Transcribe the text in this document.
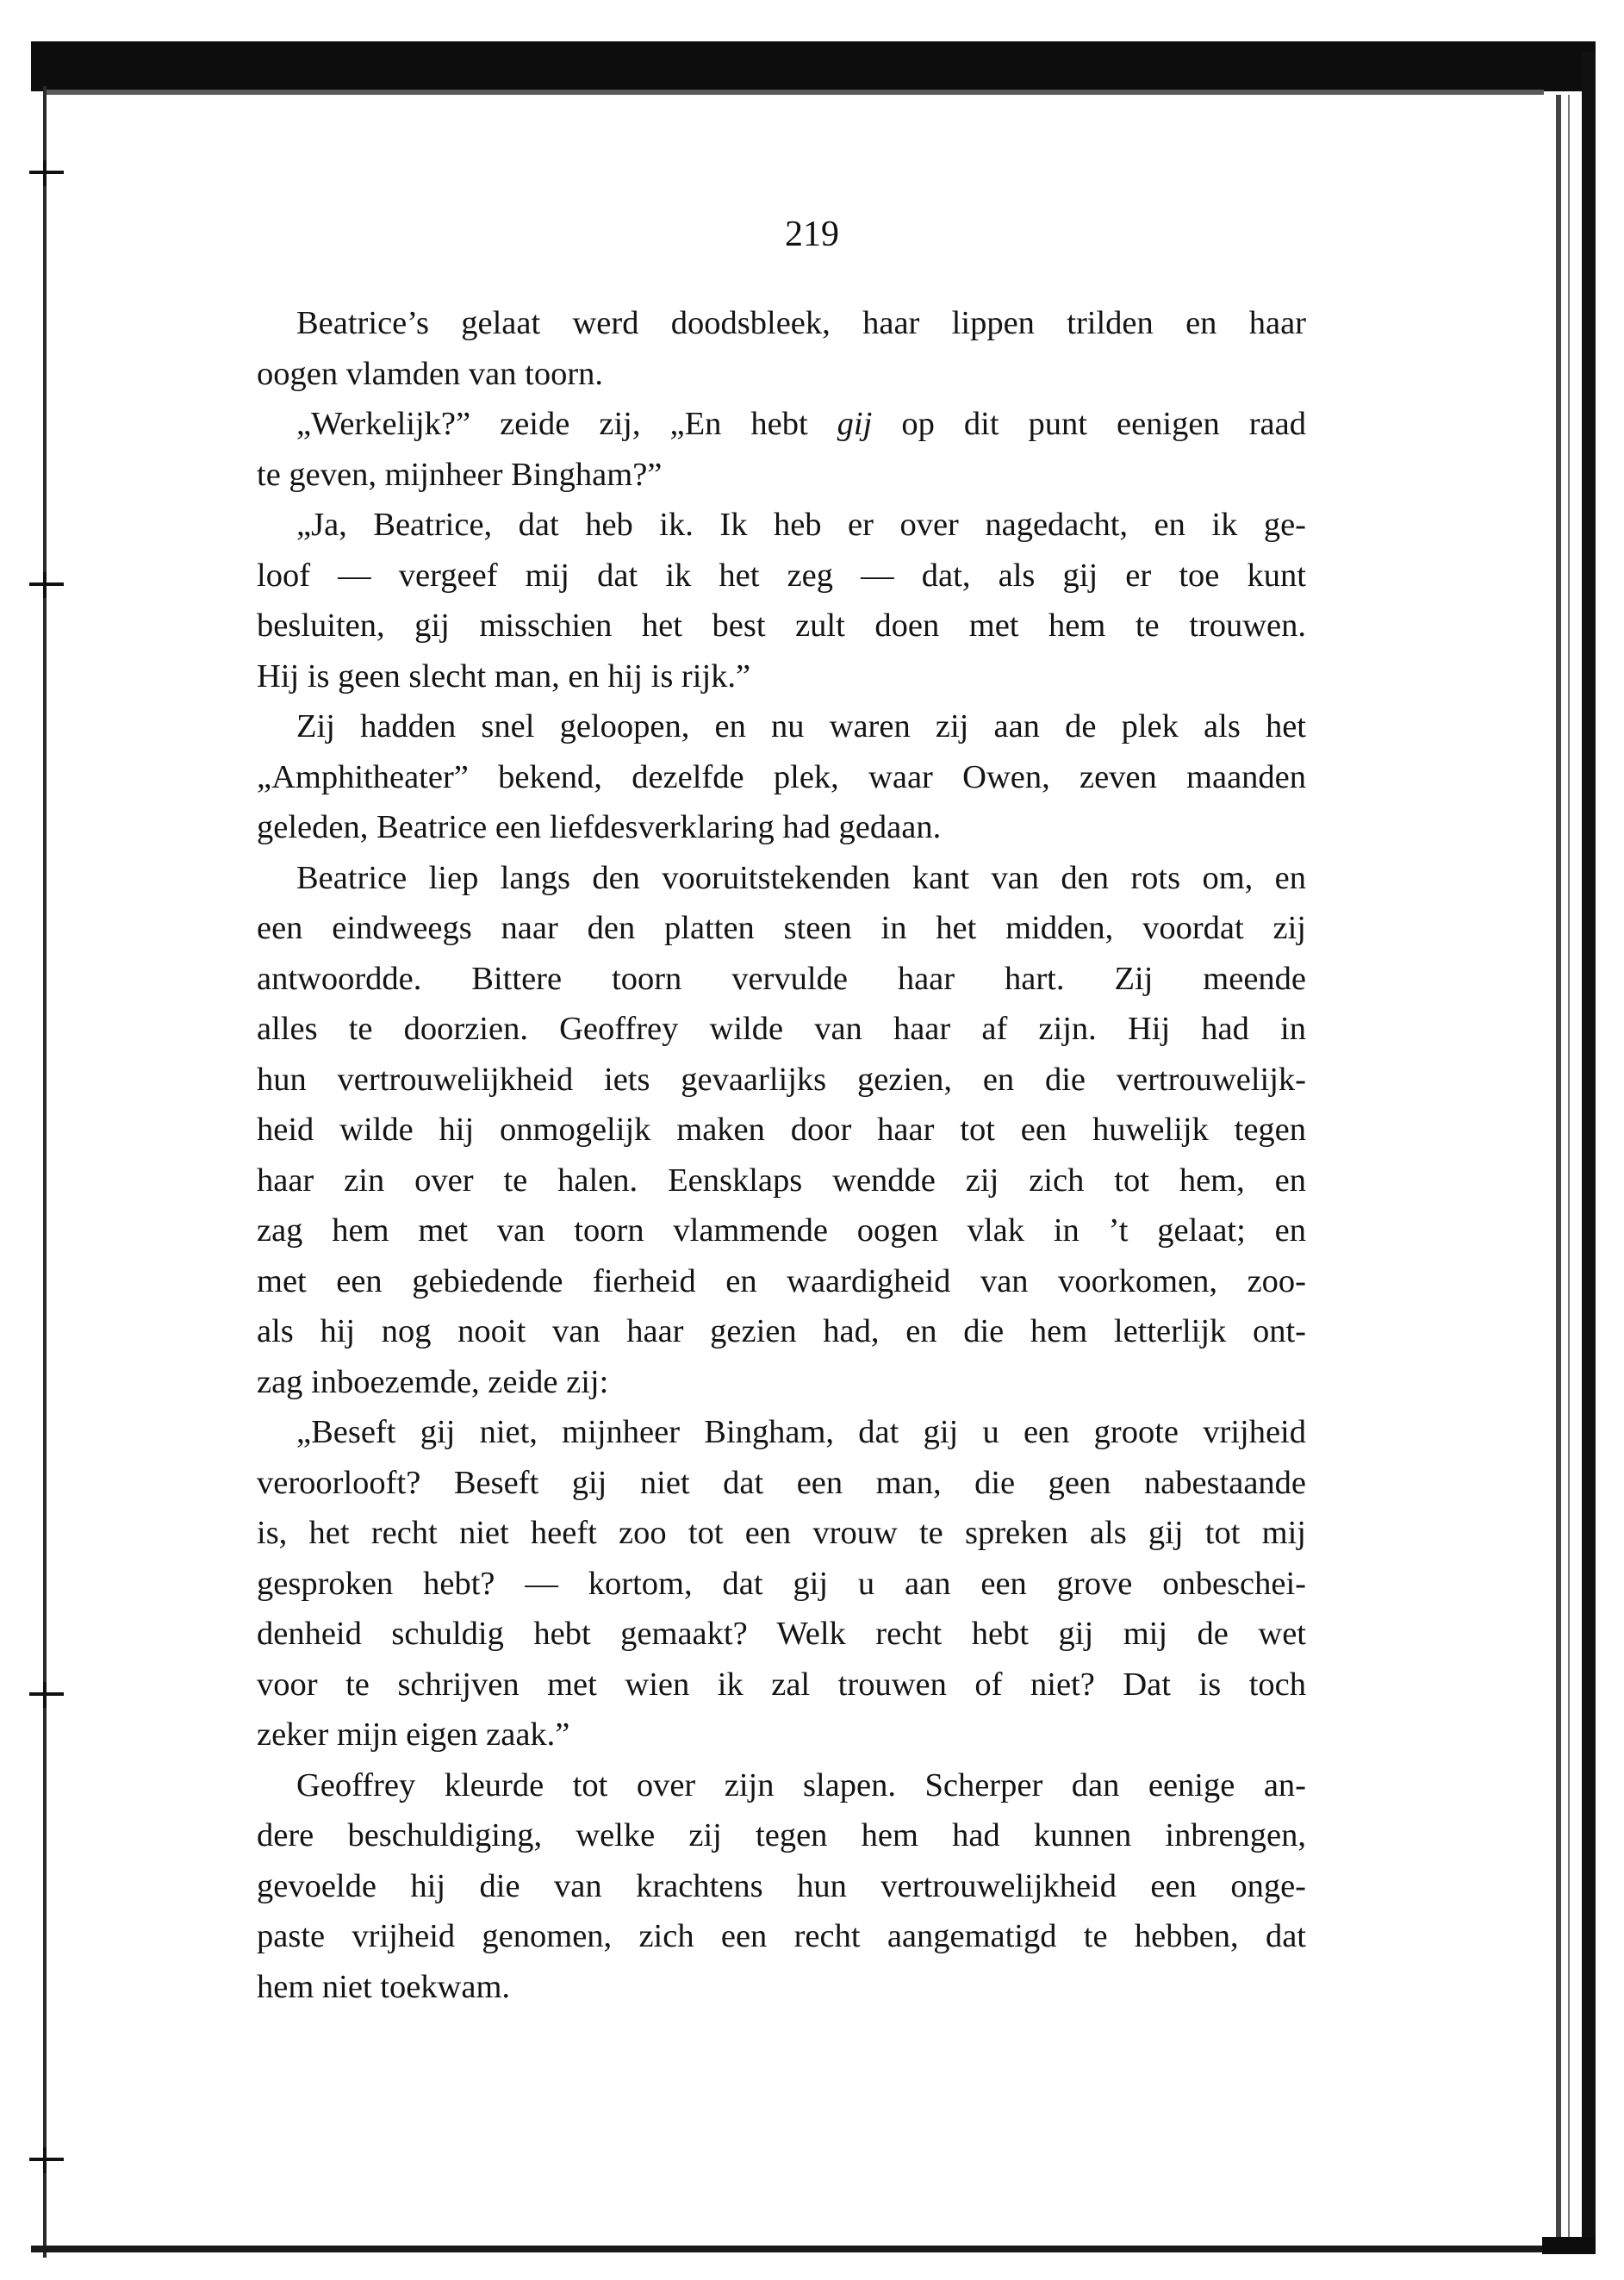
219
Beatrice’s gelaat werd doodsbleek, haar lippen trilden en haar
oogen vlamden van toorn.
„Werkelijk?” zeide zij, „En hebt gij op dit punt eenigen raad
te geven, mijnheer Bingham?”
„Ja, Beatrice, dat heb ik. Ik heb er over nagedacht, en ik ge-
loof — vergeef mij dat ik het zeg — dat, als gij er toe kunt
besluiten, gij misschien het best zult doen met hem te trouwen.
Hij is geen slecht man, en hij is rijk.”
Zij hadden snel geloopen, en nu waren zij aan de plek als het
„Amphitheater” bekend, dezelfde plek, waar Owen, zeven maanden
geleden, Beatrice een liefdesverklaring had gedaan.
Beatrice liep langs den vooruitstekenden kant van den rots om, en
een eindweegs naar den platten steen in het midden, voordat zij
antwoordde. Bittere toorn vervulde haar hart. Zij meende
alles te doorzien. Geoffrey wilde van haar af zijn. Hij had in
hun vertrouwelijkheid iets gevaarlijks gezien, en die vertrouwelijk-
heid wilde hij onmogelijk maken door haar tot een huwelijk tegen
haar zin over te halen. Eensklaps wendde zij zich tot hem, en
zag hem met van toorn vlammende oogen vlak in ’t gelaat; en
met een gebiedende fierheid en waardigheid van voorkomen, zoo-
als hij nog nooit van haar gezien had, en die hem letterlijk ont-
zag inboezemde, zeide zij:
„Beseft gij niet, mijnheer Bingham, dat gij u een groote vrijheid
veroorlooft? Beseft gij niet dat een man, die geen nabestaande
is, het recht niet heeft zoo tot een vrouw te spreken als gij tot mij
gesproken hebt? — kortom, dat gij u aan een grove onbeschei-
denheid schuldig hebt gemaakt? Welk recht hebt gij mij de wet
voor te schrijven met wien ik zal trouwen of niet? Dat is toch
zeker mijn eigen zaak.”
Geoffrey kleurde tot over zijn slapen. Scherper dan eenige an-
dere beschuldiging, welke zij tegen hem had kunnen inbrengen,
gevoelde hij die van krachtens hun vertrouwelijkheid een onge-
paste vrijheid genomen, zich een recht aangematigd te hebben, dat
hem niet toekwam.
